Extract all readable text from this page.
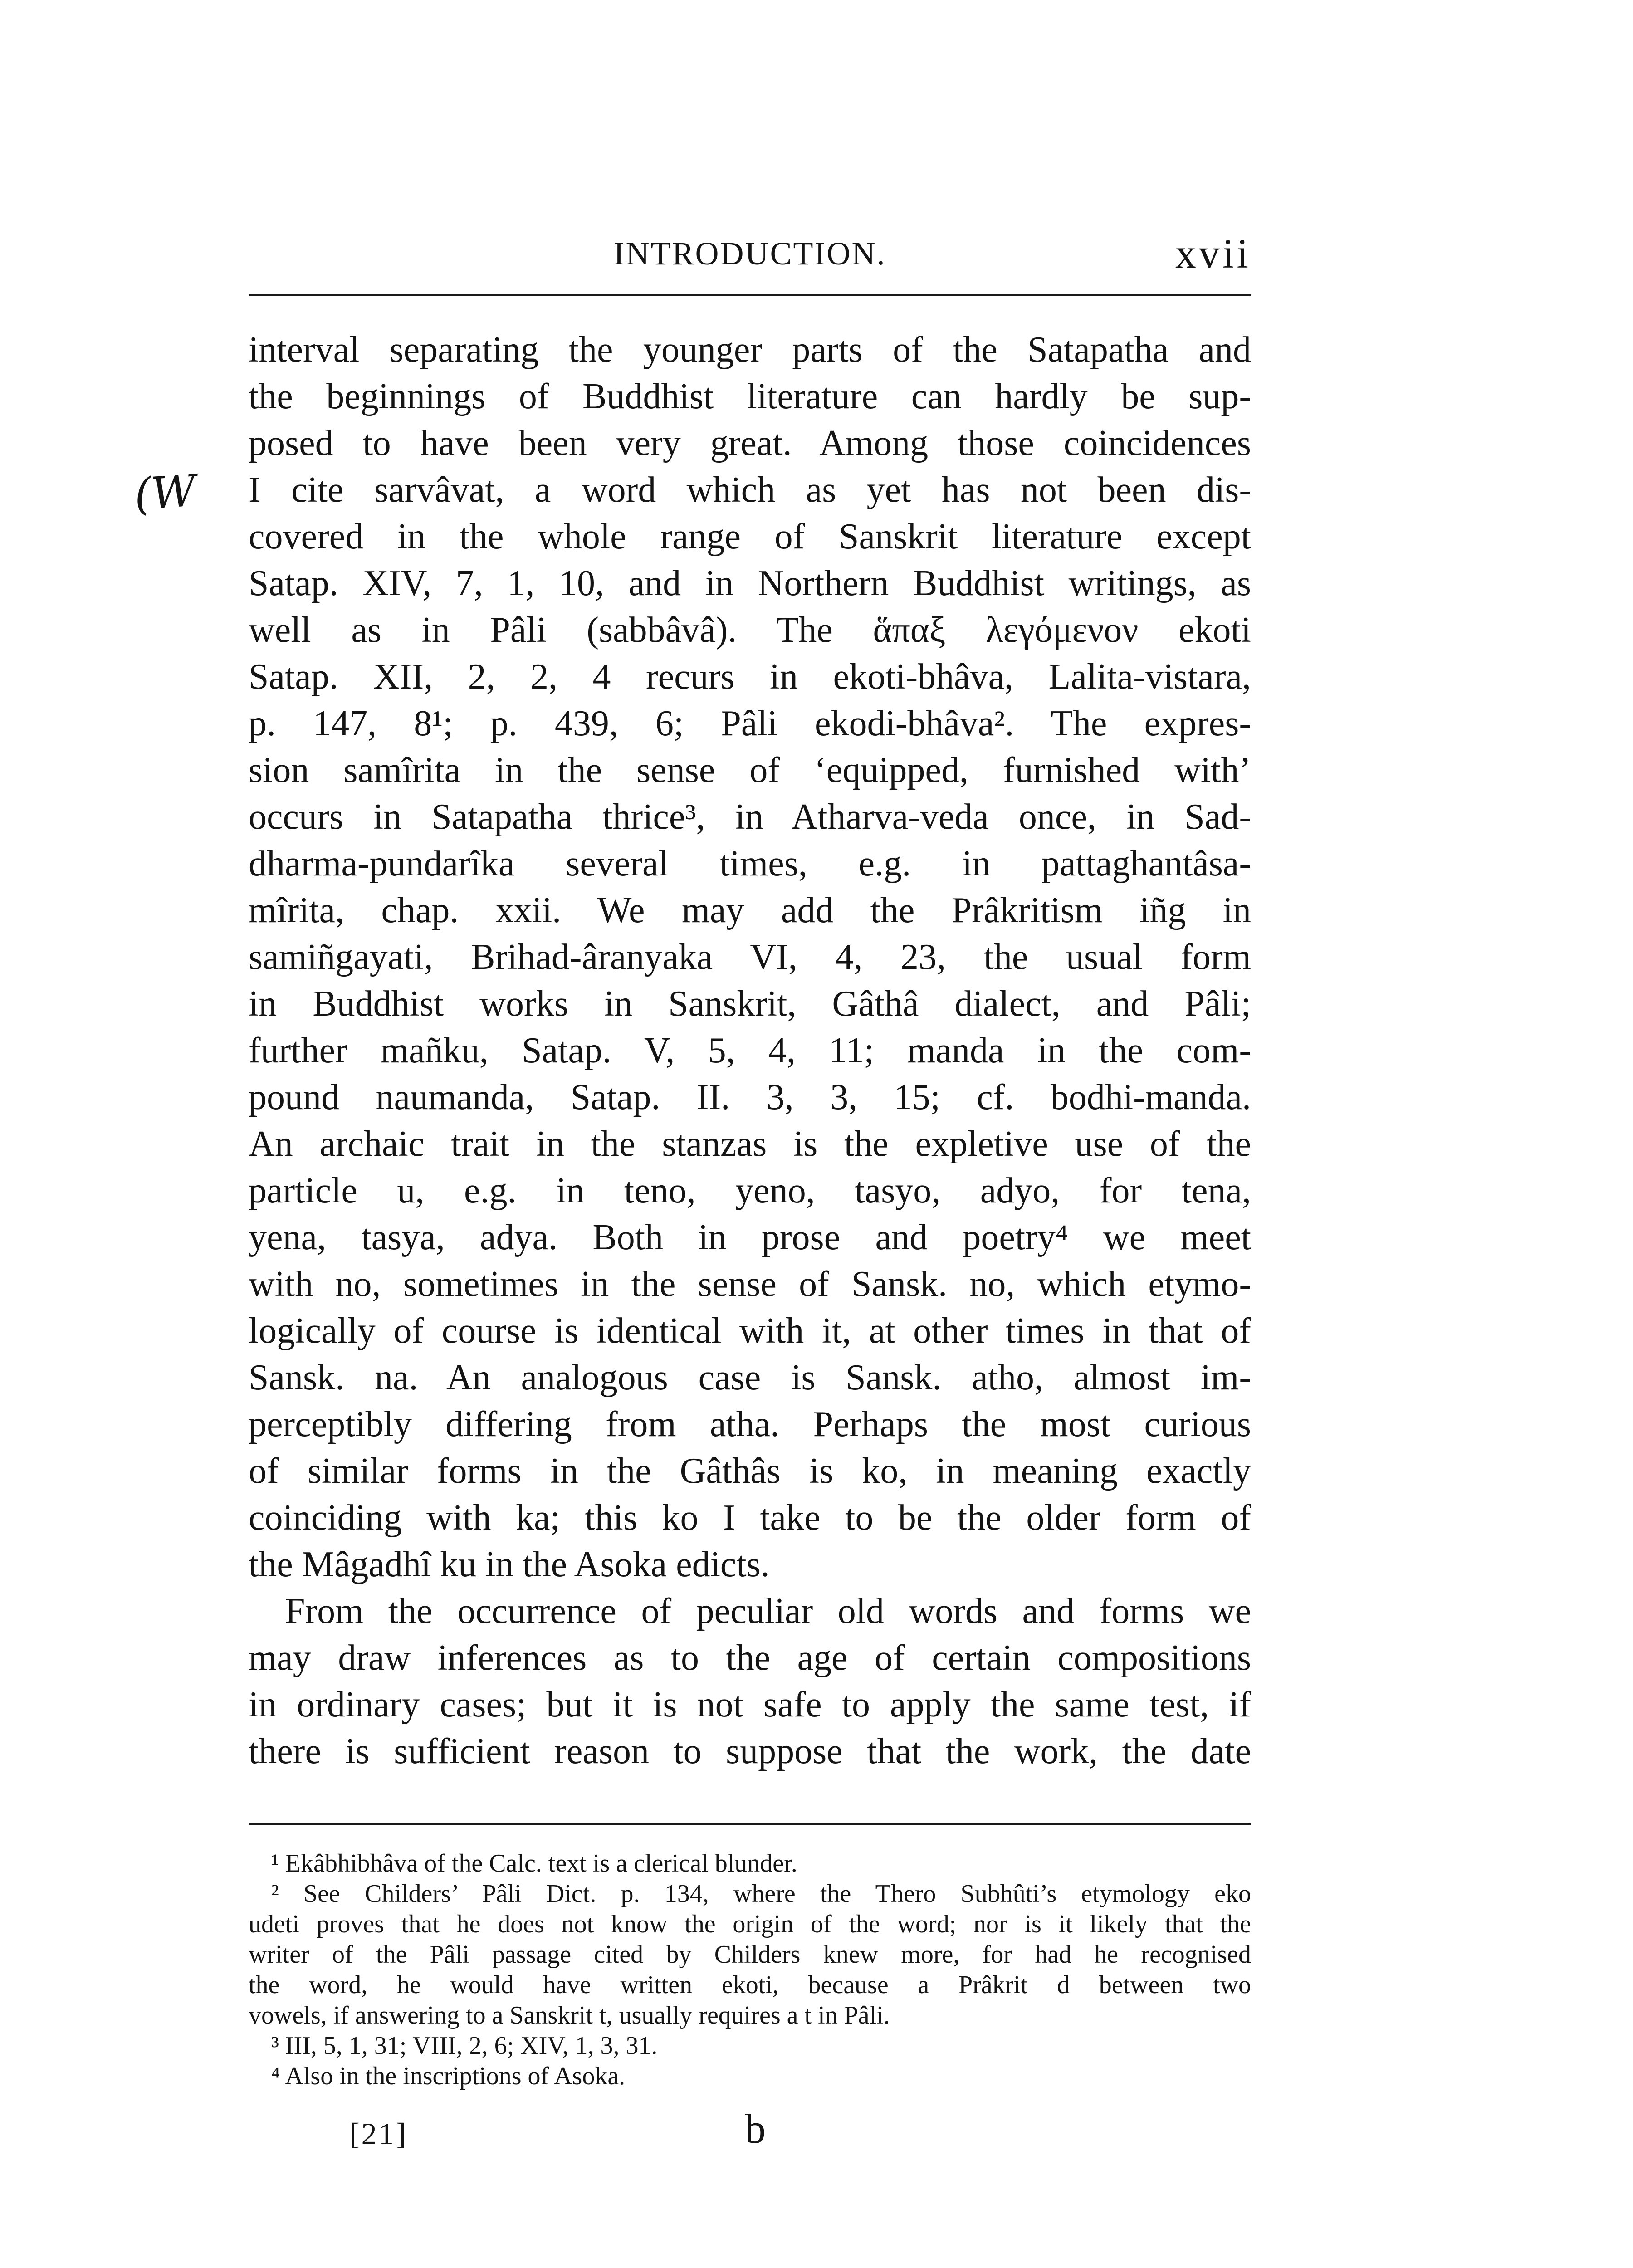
INTRODUCTION.	xvii
(W
interval separating the younger parts of the Satapatha and
the beginnings of Buddhist literature can hardly be sup-
posed to have been very great. Among those coincidences
I cite sarvâvat, a word which as yet has not been dis-
covered in the whole range of Sanskrit literature except
Satap. XIV, 7, 1, 10, and in Northern Buddhist writings, as
well as in Pâli (sabbâvâ). The ἅπαξ λεγόμενον ekoti
Satap. XII, 2, 2, 4 recurs in ekoti-bhâva, Lalita-vistara,
p. 147, 8¹; p. 439, 6; Pâli ekodi-bhâva². The expres-
sion samîrita in the sense of ‘equipped, furnished with’
occurs in Satapatha thrice³, in Atharva-veda once, in Sad-
dharma-pundarîka several times, e.g. in pattaghantâsa-
mîrita, chap. xxii. We may add the Prâkritism iñg in
samiñgayati, Brihad-âranyaka VI, 4, 23, the usual form
in Buddhist works in Sanskrit, Gâthâ dialect, and Pâli;
further mañku, Satap. V, 5, 4, 11; manda in the com-
pound naumanda, Satap. II. 3, 3, 15; cf. bodhi-manda.
An archaic trait in the stanzas is the expletive use of the
particle u, e.g. in teno, yeno, tasyo, adyo, for tena,
yena, tasya, adya. Both in prose and poetry⁴ we meet
with no, sometimes in the sense of Sansk. no, which etymo-
logically of course is identical with it, at other times in that of
Sansk. na. An analogous case is Sansk. atho, almost im-
perceptibly differing from atha. Perhaps the most curious
of similar forms in the Gâthâs is ko, in meaning exactly
coinciding with ka; this ko I take to be the older form of
the Mâgadhî ku in the Asoka edicts.
From the occurrence of peculiar old words and forms we
may draw inferences as to the age of certain compositions
in ordinary cases; but it is not safe to apply the same test, if
there is sufficient reason to suppose that the work, the date
¹ Ekâbhibhâva of the Calc. text is a clerical blunder.
² See Childers’ Pâli Dict. p. 134, where the Thero Subhûti’s etymology eko
udeti proves that he does not know the origin of the word; nor is it likely that the
writer of the Pâli passage cited by Childers knew more, for had he recognised
the word, he would have written ekoti, because a Prâkrit d between two
vowels, if answering to a Sanskrit t, usually requires a t in Pâli.
³ III, 5, 1, 31; VIII, 2, 6; XIV, 1, 3, 31.
⁴ Also in the inscriptions of Asoka.
[21]	b
